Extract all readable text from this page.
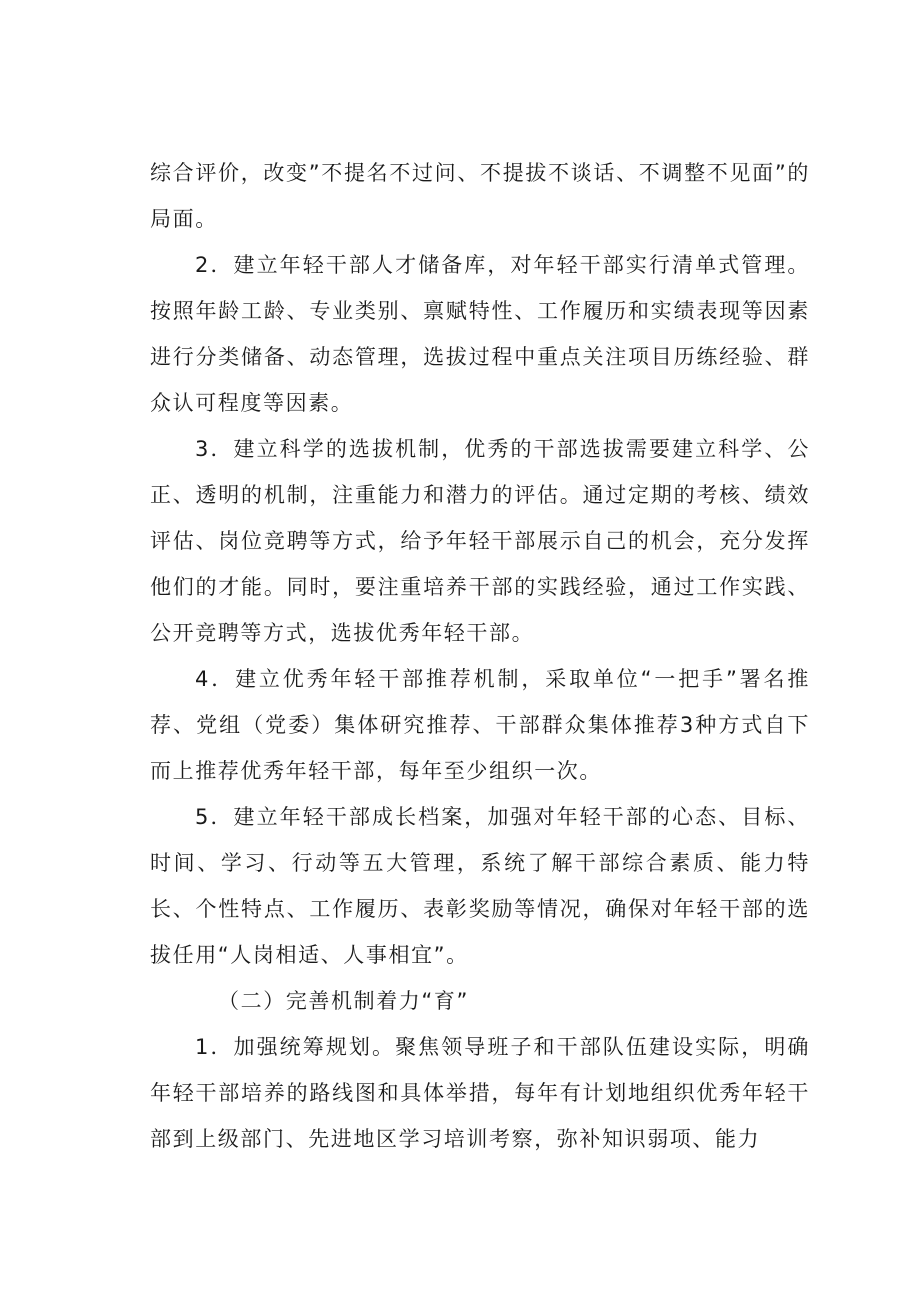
综合评价，改变”不提名不过问、不提拔不谈话、不调整不见面”的局面。

2．建立年轻干部人才储备库，对年轻干部实行清单式管理。按照年龄工龄、专业类别、禀赋特性、工作履历和实绩表现等因素进行分类储备、动态管理，选拔过程中重点关注项目历练经验、群众认可程度等因素。

3．建立科学的选拔机制，优秀的干部选拔需要建立科学、公正、透明的机制，注重能力和潜力的评估。通过定期的考核、绩效评估、岗位竞聘等方式，给予年轻干部展示自己的机会，充分发挥他们的才能。同时，要注重培养干部的实践经验，通过工作实践、公开竞聘等方式，选拔优秀年轻干部。

4．建立优秀年轻干部推荐机制，采取单位“一把手”署名推荐、党组（党委）集体研究推荐、干部群众集体推荐3种方式自下而上推荐优秀年轻干部，每年至少组织一次。

5．建立年轻干部成长档案，加强对年轻干部的心态、目标、时间、学习、行动等五大管理，系统了解干部综合素质、能力特长、个性特点、工作履历、表彰奖励等情况，确保对年轻干部的选拔任用“人岗相适、人事相宜”。

（二）完善机制着力“育”

1．加强统筹规划。聚焦领导班子和干部队伍建设实际，明确年轻干部培养的路线图和具体举措，每年有计划地组织优秀年轻干部到上级部门、先进地区学习培训考察，弥补知识弱项、能力
